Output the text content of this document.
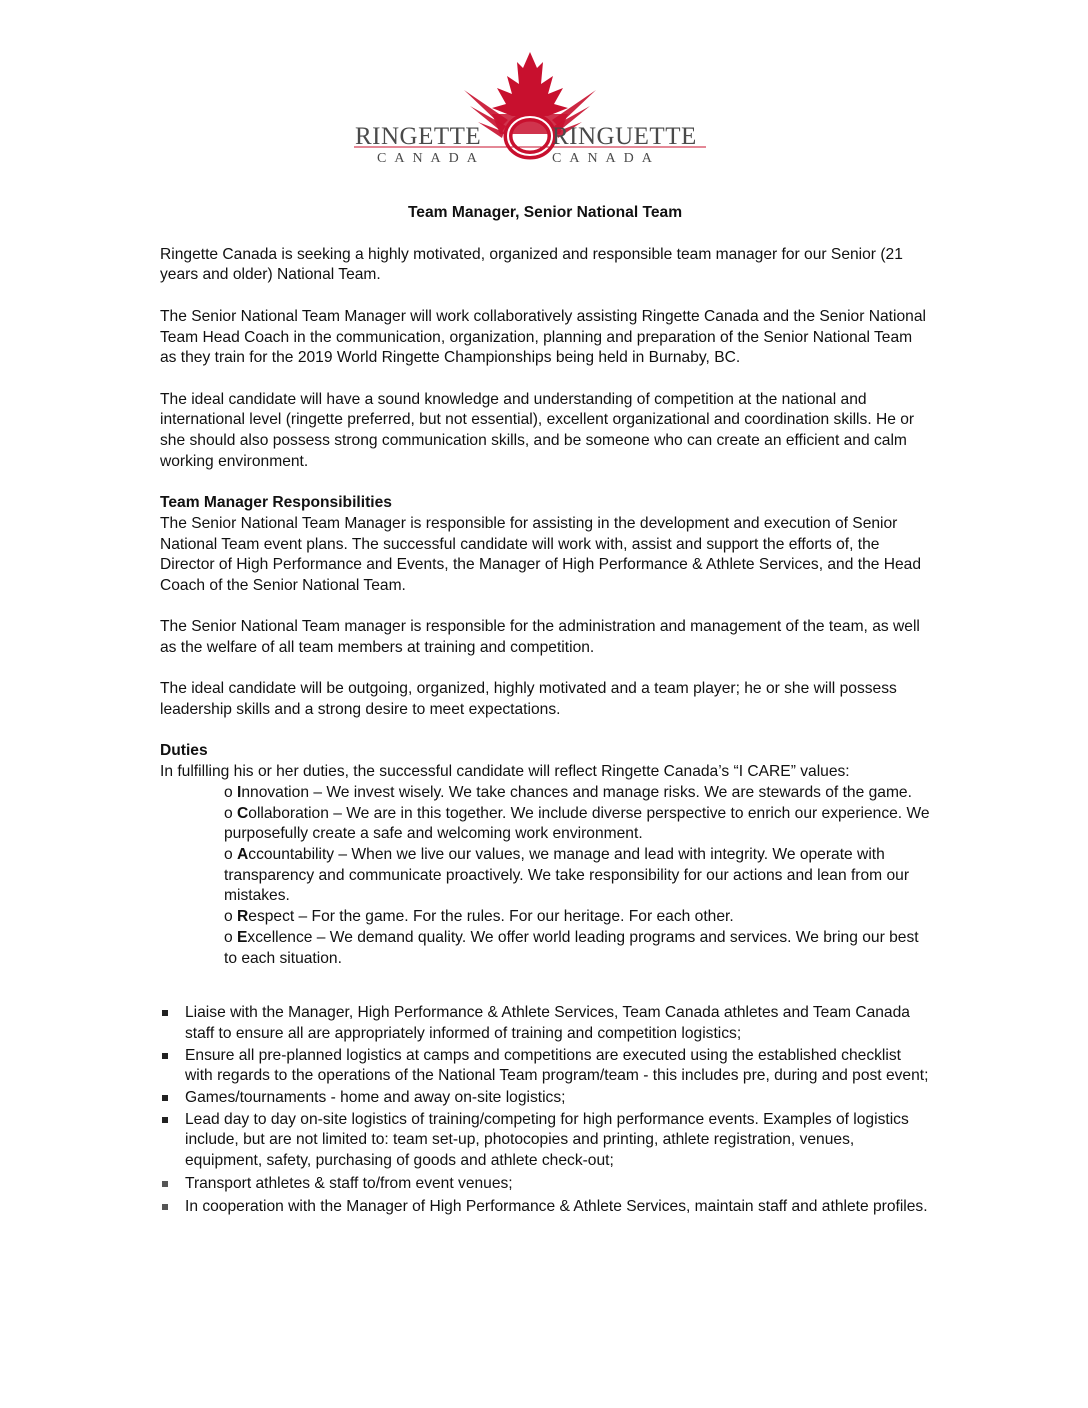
RINGETTE	RINGUETTE
CANADA	CANADA
Team Manager, Senior National Team

Ringette Canada is seeking a highly motivated, organized and responsible team manager for our Senior (21 years and older) National Team.

The Senior National Team Manager will work collaboratively assisting Ringette Canada and the Senior National Team Head Coach in the communication, organization, planning and preparation of the Senior National Team as they train for the 2019 World Ringette Championships being held in Burnaby, BC.

The ideal candidate will have a sound knowledge and understanding of competition at the national and international level (ringette preferred, but not essential), excellent organizational and coordination skills. He or she should also possess strong communication skills, and be someone who can create an efficient and calm working environment.

Team Manager Responsibilities

The Senior National Team Manager is responsible for assisting in the development and execution of Senior National Team event plans. The successful candidate will work with, assist and support the efforts of, the Director of High Performance and Events, the Manager of High Performance & Athlete Services, and the Head Coach of the Senior National Team.

The Senior National Team manager is responsible for the administration and management of the team, as well as the welfare of all team members at training and competition.

The ideal candidate will be outgoing, organized, highly motivated and a team player; he or she will possess leadership skills and a strong desire to meet expectations.

Duties
In fulfilling his or her duties, the successful candidate will reflect Ringette Canada’s “I CARE” values:
o Innovation – We invest wisely. We take chances and manage risks. We are stewards of the game.
o Collaboration – We are in this together. We include diverse perspective to enrich our experience. We purposefully create a safe and welcoming work environment.
o Accountability – When we live our values, we manage and lead with integrity. We operate with transparency and communicate proactively. We take responsibility for our actions and lean from our mistakes.
o Respect – For the game. For the rules. For our heritage. For each other.
o Excellence – We demand quality. We offer world leading programs and services. We bring our best to each situation.
Liaise with the Manager, High Performance & Athlete Services, Team Canada athletes and Team Canada staff to ensure all are appropriately informed of training and competition logistics;
Ensure all pre-planned logistics at camps and competitions are executed using the established checklist with regards to the operations of the National Team program/team - this includes pre, during and post event;
Games/tournaments - home and away on-site logistics;
Lead day to day on-site logistics of training/competing for high performance events. Examples of logistics include, but are not limited to: team set-up, photocopies and printing, athlete registration, venues, equipment, safety, purchasing of goods and athlete check-out;
Transport athletes & staff to/from event venues;
In cooperation with the Manager of High Performance & Athlete Services, maintain staff and athlete profiles.
